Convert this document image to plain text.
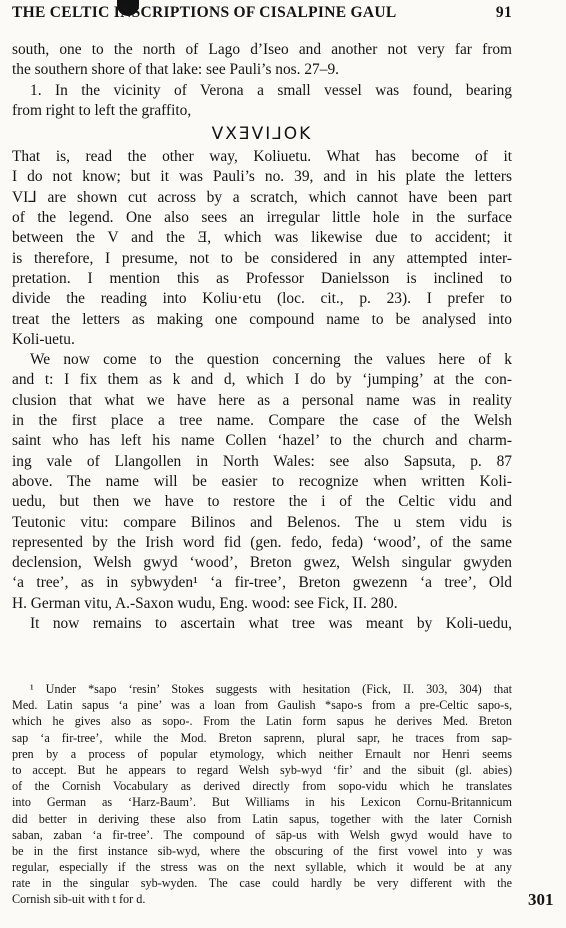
THE CELTIC INSCRIPTIONS OF CISALPINE GAUL	91
south, one to the north of Lago d’Iseo and another not very far from
the southern shore of that lake: see Pauli’s nos. 27–9.
1. In the vicinity of Verona a small vessel was found, bearing
from right to left the graffito,
VXƎVI⅃OK
That is, read the other way, Koliuetu. What has become of it
I do not know; but it was Pauli’s no. 39, and in his plate the letters
VI⅃ are shown cut across by a scratch, which cannot have been part
of the legend. One also sees an irregular little hole in the surface
between the V and the Ǝ, which was likewise due to accident; it
is therefore, I presume, not to be considered in any attempted inter-
pretation. I mention this as Professor Danielsson is inclined to
divide the reading into Koliu·etu (loc. cit., p. 23). I prefer to
treat the letters as making one compound name to be analysed into
Koli-uetu.
We now come to the question concerning the values here of k
and t: I fix them as k and d, which I do by ‘jumping’ at the con-
clusion that what we have here as a personal name was in reality
in the first place a tree name. Compare the case of the Welsh
saint who has left his name Collen ‘hazel’ to the church and charm-
ing vale of Llangollen in North Wales: see also Sapsuta, p. 87
above. The name will be easier to recognize when written Koli-
uedu, but then we have to restore the i of the Celtic vidu and
Teutonic vitu: compare Bilinos and Belenos. The u stem vidu is
represented by the Irish word fid (gen. fedo, feda) ‘wood’, of the same
declension, Welsh gwyd ‘wood’, Breton gwez, Welsh singular gwyden
‘a tree’, as in sybwyden¹ ‘a fir-tree’, Breton gwezenn ‘a tree’, Old
H. German vitu, A.-Saxon wudu, Eng. wood: see Fick, II. 280.
It now remains to ascertain what tree was meant by Koli-uedu,
¹ Under *sapo ‘resin’ Stokes suggests with hesitation (Fick, II. 303, 304) that
Med. Latin sapus ‘a pine’ was a loan from Gaulish *sapo-s from a pre-Celtic sapo-s,
which he gives also as sopo-. From the Latin form sapus he derives Med. Breton
sap ‘a fir-tree’, while the Mod. Breton saprenn, plural sapr, he traces from sap-
pren by a process of popular etymology, which neither Ernault nor Henri seems
to accept. But he appears to regard Welsh syb-wyd ‘fir’ and the sibuit (gl. abies)
of the Cornish Vocabulary as derived directly from sopo-vidu which he translates
into German as ‘Harz-Baum’. But Williams in his Lexicon Cornu-Britannicum
did better in deriving these also from Latin sapus, together with the later Cornish
saban, zaban ‘a fir-tree’. The compound of sāp-us with Welsh gwyd would have to
be in the first instance sib-wyd, where the obscuring of the first vowel into y was
regular, especially if the stress was on the next syllable, which it would be at any
rate in the singular syb-wyden. The case could hardly be very different with the
Cornish sib-uit with t for d.	301
